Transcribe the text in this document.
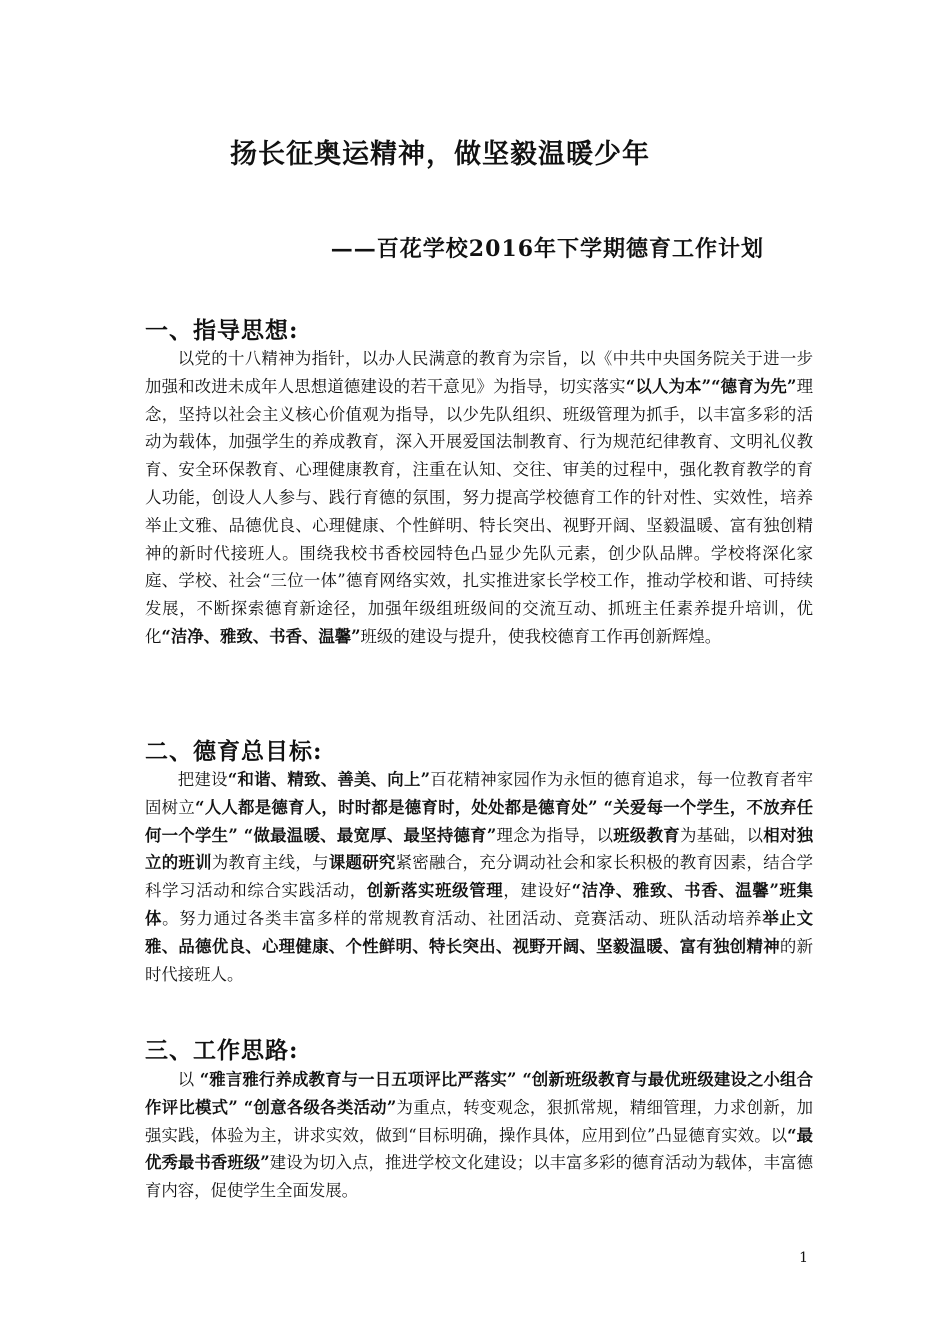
扬长征奥运精神，做坚毅温暖少年
——百花学校2016年下学期德育工作计划
一、指导思想:

以党的十八精神为指针，以办人民满意的教育为宗旨，以《中共中央国务院关于进一步加强和改进未成年人思想道德建设的若干意见》为指导，切实落实“以人为本”“德育为先”理念，坚持以社会主义核心价值观为指导，以少先队组织、班级管理为抓手，以丰富多彩的活动为载体，加强学生的养成教育，深入开展爱国法制教育、行为规范纪律教育、文明礼仪教育、安全环保教育、心理健康教育，注重在认知、交往、审美的过程中，强化教育教学的育人功能，创设人人参与、践行育德的氛围，努力提高学校德育工作的针对性、实效性，培养举止文雅、品德优良、心理健康、个性鲜明、特长突出、视野开阔、坚毅温暖、富有独创精神的新时代接班人。围绕我校书香校园特色凸显少先队元素，创少队品牌。学校将深化家庭、学校、社会“三位一体”德育网络实效，扎实推进家长学校工作，推动学校和谐、可持续发展，不断探索德育新途径，加强年级组班级间的交流互动、抓班主任素养提升培训，优化“洁净、雅致、书香、温馨”班级的建设与提升，使我校德育工作再创新辉煌。

二、德育总目标:

把建设“和谐、精致、善美、向上”百花精神家园作为永恒的德育追求，每一位教育者牢固树立“人人都是德育人，时时都是德育时，处处都是德育处” “关爱每一个学生，不放弃任何一个学生” “做最温暖、最宽厚、最坚持德育”理念为指导，以班级教育为基础，以相对独立的班训为教育主线，与课题研究紧密融合，充分调动社会和家长积极的教育因素，结合学科学习活动和综合实践活动，创新落实班级管理，建设好“洁净、雅致、书香、温馨”班集体。努力通过各类丰富多样的常规教育活动、社团活动、竞赛活动、班队活动培养举止文雅、品德优良、心理健康、个性鲜明、特长突出、视野开阔、坚毅温暖、富有独创精神的新时代接班人。

三、工作思路:

以 “雅言雅行养成教育与一日五项评比严落实” “创新班级教育与最优班级建设之小组合作评比模式” “创意各级各类活动”为重点，转变观念，狠抓常规，精细管理，力求创新，加强实践，体验为主，讲求实效，做到“目标明确，操作具体，应用到位”凸显德育实效。以“最优秀最书香班级”建设为切入点，推进学校文化建设；以丰富多彩的德育活动为载体，丰富德育内容，促使学生全面发展。

1
